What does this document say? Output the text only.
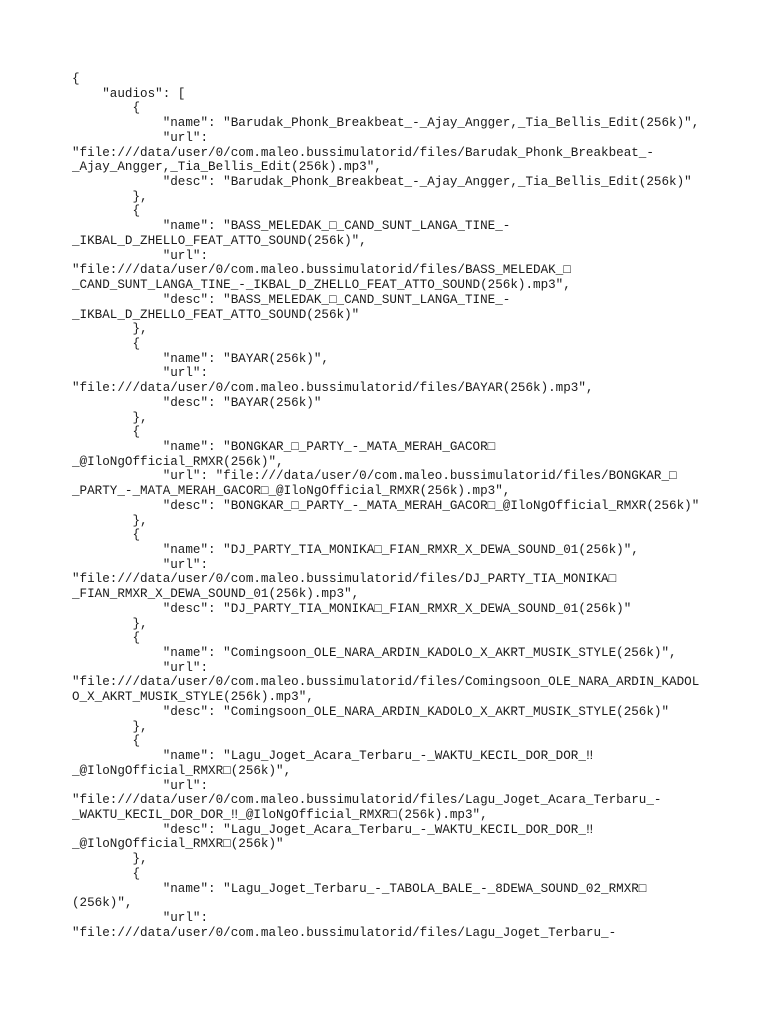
{
"audios": [
{
"name": "Barudak_Phonk_Breakbeat_-_Ajay_Angger,_Tia_Bellis_Edit(256k)",
"url":
"file:///data/user/0/com.maleo.bussimulatorid/files/Barudak_Phonk_Breakbeat_-
_Ajay_Angger,_Tia_Bellis_Edit(256k).mp3",
"desc": "Barudak_Phonk_Breakbeat_-_Ajay_Angger,_Tia_Bellis_Edit(256k)"
},
{
"name": "BASS_MELEDAK_□_CAND_SUNT_LANGA_TINE_-
_IKBAL_D_ZHELLO_FEAT_ATTO_SOUND(256k)",
"url":
"file:///data/user/0/com.maleo.bussimulatorid/files/BASS_MELEDAK_□
_CAND_SUNT_LANGA_TINE_-_IKBAL_D_ZHELLO_FEAT_ATTO_SOUND(256k).mp3",
"desc": "BASS_MELEDAK_□_CAND_SUNT_LANGA_TINE_-
_IKBAL_D_ZHELLO_FEAT_ATTO_SOUND(256k)"
},
{
"name": "BAYAR(256k)",
"url":
"file:///data/user/0/com.maleo.bussimulatorid/files/BAYAR(256k).mp3",
"desc": "BAYAR(256k)"
},
{
"name": "BONGKAR_□_PARTY_-_MATA_MERAH_GACOR□
_@IloNgOfficial_RMXR(256k)",
"url": "file:///data/user/0/com.maleo.bussimulatorid/files/BONGKAR_□
_PARTY_-_MATA_MERAH_GACOR□_@IloNgOfficial_RMXR(256k).mp3",
"desc": "BONGKAR_□_PARTY_-_MATA_MERAH_GACOR□_@IloNgOfficial_RMXR(256k)"
},
{
"name": "DJ_PARTY_TIA_MONIKA□_FIAN_RMXR_X_DEWA_SOUND_01(256k)",
"url":
"file:///data/user/0/com.maleo.bussimulatorid/files/DJ_PARTY_TIA_MONIKA□
_FIAN_RMXR_X_DEWA_SOUND_01(256k).mp3",
"desc": "DJ_PARTY_TIA_MONIKA□_FIAN_RMXR_X_DEWA_SOUND_01(256k)"
},
{
"name": "Comingsoon_OLE_NARA_ARDIN_KADOLO_X_AKRT_MUSIK_STYLE(256k)",
"url":
"file:///data/user/0/com.maleo.bussimulatorid/files/Comingsoon_OLE_NARA_ARDIN_KADOL
O_X_AKRT_MUSIK_STYLE(256k).mp3",
"desc": "Comingsoon_OLE_NARA_ARDIN_KADOLO_X_AKRT_MUSIK_STYLE(256k)"
},
{
"name": "Lagu_Joget_Acara_Terbaru_-_WAKTU_KECIL_DOR_DOR_‼
_@IloNgOfficial_RMXR□(256k)",
"url":
"file:///data/user/0/com.maleo.bussimulatorid/files/Lagu_Joget_Acara_Terbaru_-
_WAKTU_KECIL_DOR_DOR_‼_@IloNgOfficial_RMXR□(256k).mp3",
"desc": "Lagu_Joget_Acara_Terbaru_-_WAKTU_KECIL_DOR_DOR_‼
_@IloNgOfficial_RMXR□(256k)"
},
{
"name": "Lagu_Joget_Terbaru_-_TABOLA_BALE_-_8DEWA_SOUND_02_RMXR□
(256k)",
"url":
"file:///data/user/0/com.maleo.bussimulatorid/files/Lagu_Joget_Terbaru_-
